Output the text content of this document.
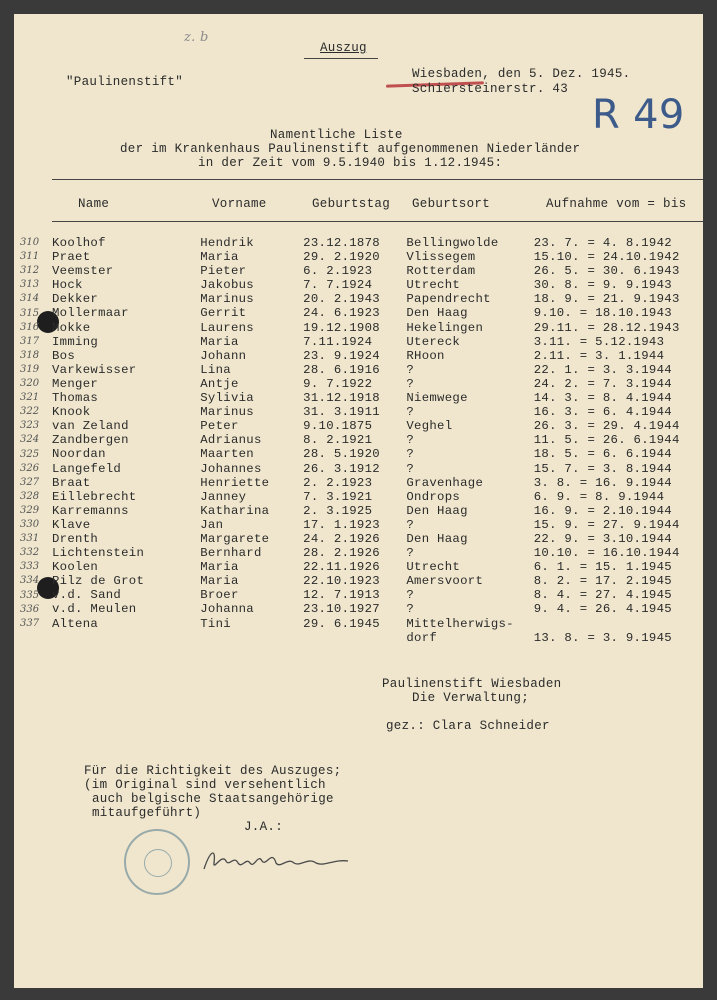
z. b
Auszug
"Paulinenstift"
Wiesbaden, den 5. Dez. 1945.
Schiersteinerstr. 43
R 49
Namentliche Liste
der im Krankenhaus Paulinenstift aufgenommenen Niederländer
in der Zeit vom 9.5.1940 bis 1.12.1945:
Name	Vorname	Geburtstag Geburtsort	Aufnahme vom = bis
Koolhof	Hendrik	23.12.1878	Bellingwolde	23. 7. = 4. 8.1942
Praet	Maria	29. 2.1920	Vlissegem	15.10. = 24.10.1942
Veemster	Pieter	6. 2.1923	Rotterdam	26. 5. = 30. 6.1943
Hock	Jakobus	7. 7.1924	Utrecht	30. 8. = 9. 9.1943
Dekker	Marinus	20. 2.1943	Papendrecht	18. 9. = 21. 9.1943
Mollermaar	Gerrit	24. 6.1923	Den Haag	9.10. = 18.10.1943
Mokke	Laurens	19.12.1908	Hekelingen	29.11. = 28.12.1943
Imming	Maria	7.11.1924	Utereck	3.11. = 5.12.1943
Bos	Johann	23. 9.1924	RHoon	2.11. = 3. 1.1944
Varkewisser	Lina	28. 6.1916	?	22. 1. = 3. 3.1944
Menger	Antje	9. 7.1922	?	24. 2. = 7. 3.1944
Thomas	Sylivia	31.12.1918	Niemwege	14. 3. = 8. 4.1944
Knook	Marinus	31. 3.1911	?	16. 3. = 6. 4.1944
van Zeland	Peter	9.10.1875	Veghel	26. 3. = 29. 4.1944
Zandbergen	Adrianus	8. 2.1921	?	11. 5. = 26. 6.1944
Noordan	Maarten	28. 5.1920	?	18. 5. = 6. 6.1944
Langefeld	Johannes	26. 3.1912	?	15. 7. = 3. 8.1944
Braat	Henriette	2. 2.1923	Gravenhage	3. 8. = 16. 9.1944
Eillebrecht	Janney	7. 3.1921	Ondrops	6. 9. = 8. 9.1944
Karremanns	Katharina	2. 3.1925	Den Haag	16. 9. = 2.10.1944
Klave	Jan	17. 1.1923	?	15. 9. = 27. 9.1944
Drenth	Margarete	24. 2.1926	Den Haag	22. 9. = 3.10.1944
Lichtenstein	Bernhard	28. 2.1926	?	10.10. = 16.10.1944
Koolen	Maria	22.11.1926	Utrecht	6. 1. = 15. 1.1945
Pilz de Grot	Maria	22.10.1923	Amersvoort	8. 2. = 17. 2.1945
v.d. Sand	Broer	12. 7.1913	?	8. 4. = 27. 4.1945
v.d. Meulen	Johanna	23.10.1927	?	9. 4. = 26. 4.1945
Altena	Tini	29. 6.1945	Mittelherwigs-	
			dorf	13. 8. = 3. 9.1945
310
311
312
313
314
315
316
317
318
319
320
321
322
323
324
325
326
327
328
329
330
331
332
333
334
335
336
337
Paulinenstift Wiesbaden
Die Verwaltung;
gez.: Clara Schneider
Für die Richtigkeit des Auszuges;
(im Original sind versehentlich
auch belgische Staatsangehörige
mitaufgeführt)
J.A.:
